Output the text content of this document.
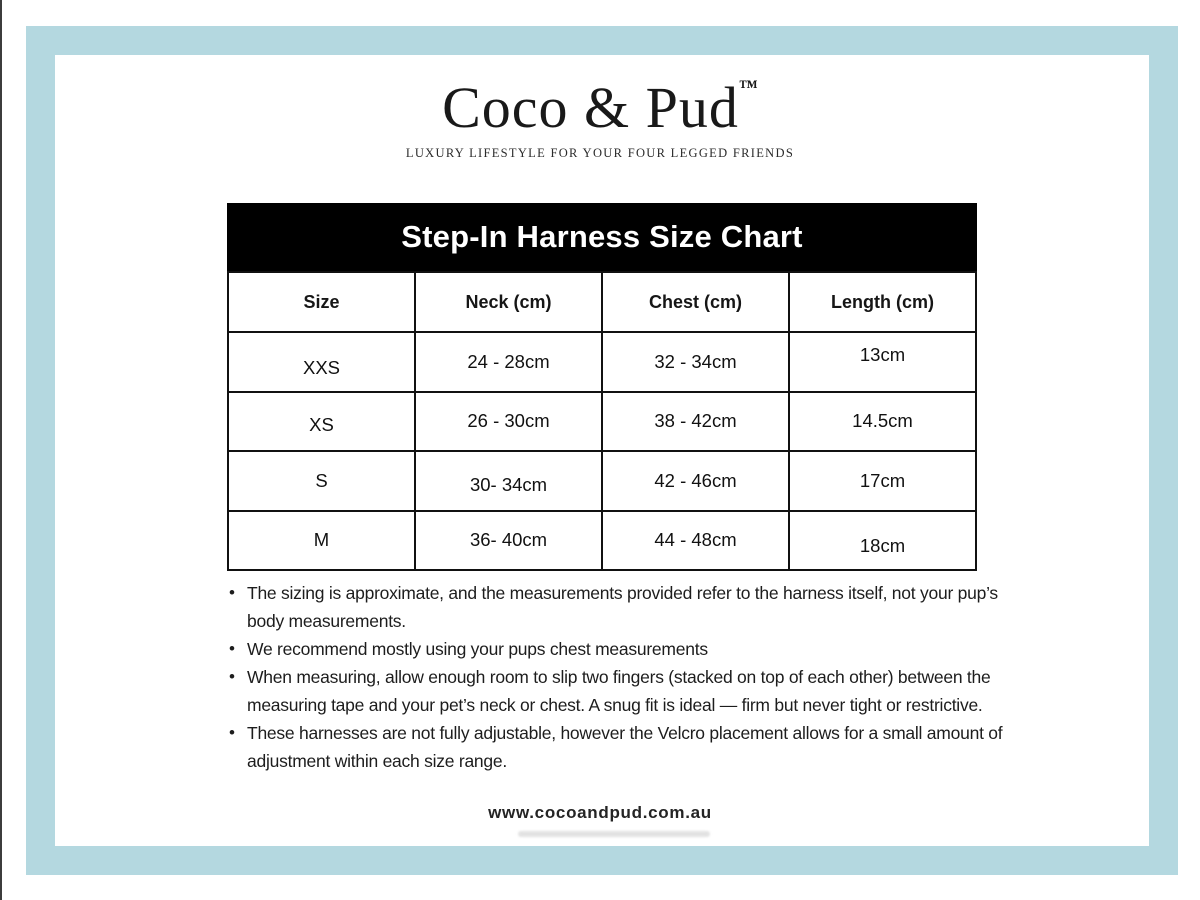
Coco & Pud™
LUXURY LIFESTYLE FOR YOUR FOUR LEGGED FRIENDS
Step-In Harness Size Chart
Size	Neck (cm)	Chest (cm)	Length (cm)
XXS	24 - 28cm	32 - 34cm	13cm
XS	26 - 30cm	38 - 42cm	14.5cm
S	30- 34cm	42 - 46cm	17cm
M	36- 40cm	44 - 48cm	18cm
• The sizing is approximate, and the measurements provided refer to the harness itself, not your pup’s body measurements.
• We recommend mostly using your pups chest measurements
• When measuring, allow enough room to slip two fingers (stacked on top of each other) between the measuring tape and your pet’s neck or chest. A snug fit is ideal — firm but never tight or restrictive.
• These harnesses are not fully adjustable, however the Velcro placement allows for a small amount of adjustment within each size range.
www.cocoandpud.com.au
